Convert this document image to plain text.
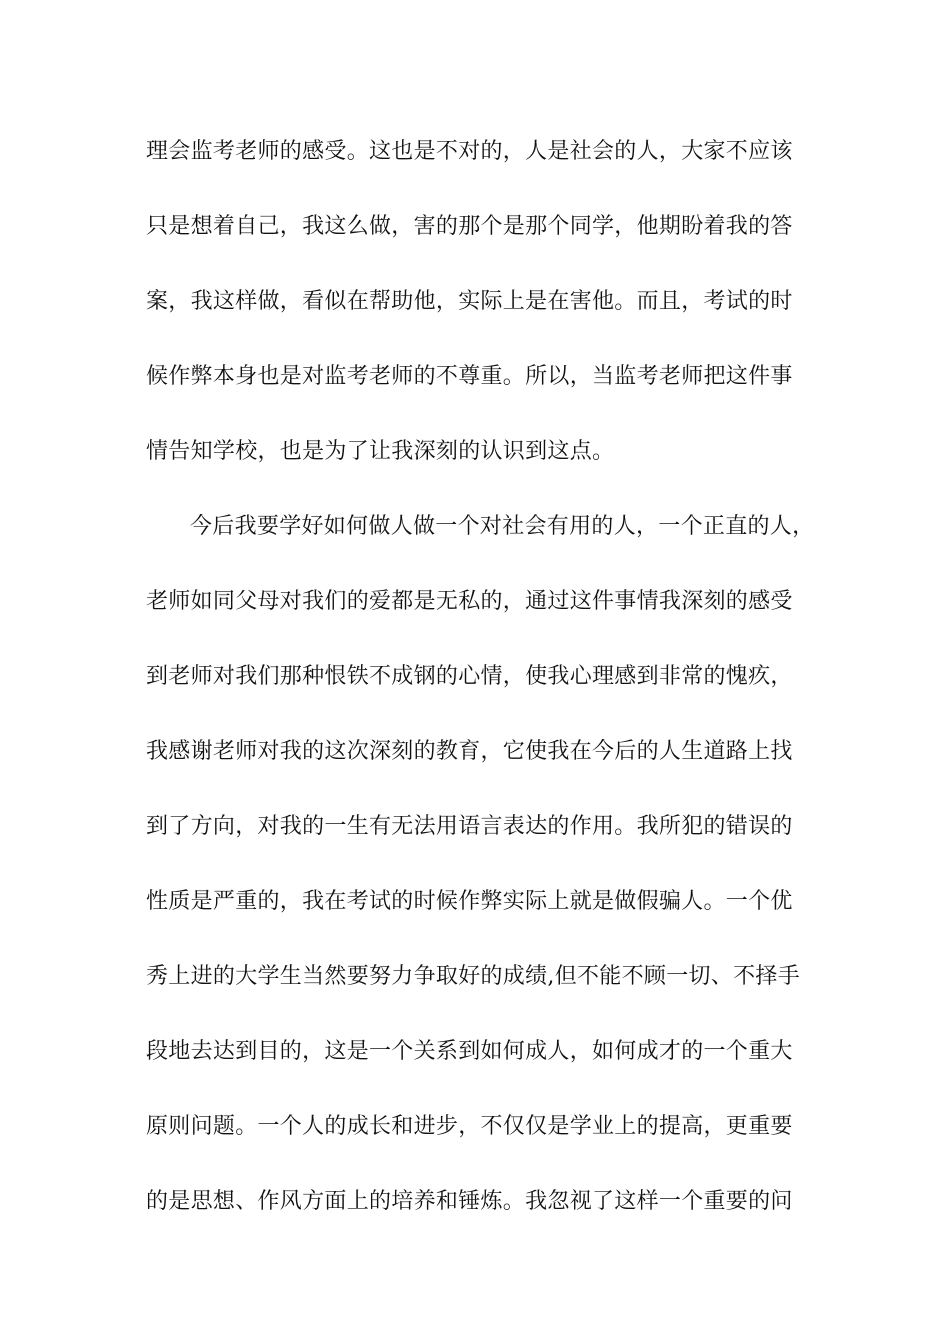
理会监考老师的感受。这也是不对的，人是社会的人，大家不应该
只是想着自己，我这么做，害的那个是那个同学，他期盼着我的答
案，我这样做，看似在帮助他，实际上是在害他。而且，考试的时
候作弊本身也是对监考老师的不尊重。所以，当监考老师把这件事
情告知学校，也是为了让我深刻的认识到这点。
今后我要学好如何做人做一个对社会有用的人，一个正直的人，
老师如同父母对我们的爱都是无私的，通过这件事情我深刻的感受
到老师对我们那种恨铁不成钢的心情，使我心理感到非常的愧疚，
我感谢老师对我的这次深刻的教育，它使我在今后的人生道路上找
到了方向，对我的一生有无法用语言表达的作用。我所犯的错误的
性质是严重的，我在考试的时候作弊实际上就是做假骗人。一个优
秀上进的大学生当然要努力争取好的成绩,但不能不顾一切、不择手
段地去达到目的，这是一个关系到如何成人，如何成才的一个重大
原则问题。一个人的成长和进步，不仅仅是学业上的提高，更重要
的是思想、作风方面上的培养和锤炼。我忽视了这样一个重要的问
